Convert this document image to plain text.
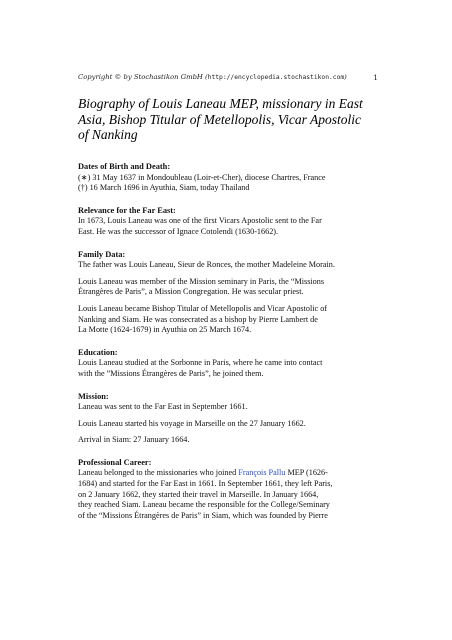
Copyright © by Stochastikon GmbH (http://encyclopedia.stochastikon.com)	1
Biography of Louis Laneau MEP, missionary in East
Asia, Bishop Titular of Metellopolis, Vicar Apostolic
of Nanking
Dates of Birth and Death:
(∗) 31 May 1637 in Mondoubleau (Loir-et-Cher), diocese Chartres, France
(†) 16 March 1696 in Ayuthia, Siam, today Thailand
Relevance for the Far East:
In 1673, Louis Laneau was one of the first Vicars Apostolic sent to the Far
East. He was the successor of Ignace Cotolendi (1630-1662).
Family Data:
The father was Louis Laneau, Sieur de Ronces, the mother Madeleine Morain.
Louis Laneau was member of the Mission seminary in Paris, the “Missions
Étrangères de Paris”, a Mission Congregation. He was secular priest.
Louis Laneau became Bishop Titular of Metellopolis and Vicar Apostolic of
Nanking and Siam. He was consecrated as a bishop by Pierre Lambert de
La Motte (1624-1679) in Ayuthia on 25 March 1674.
Education:
Louis Laneau studied at the Sorbonne in Paris, where he came into contact
with the ”Missions Étrangères de Paris”, he joined them.
Mission:
Laneau was sent to the Far East in September 1661.
Louis Laneau started his voyage in Marseille on the 27 January 1662.
Arrival in Siam: 27 January 1664.
Professional Career:
Laneau belonged to the missionaries who joined François Pallu MEP (1626-
1684) and started for the Far East in 1661. In September 1661, they left Paris,
on 2 January 1662, they started their travel in Marseille. In January 1664,
they reached Siam. Laneau became the responsible for the College/Seminary
of the “Missions Étrangères de Paris” in Siam, which was founded by Pierre
